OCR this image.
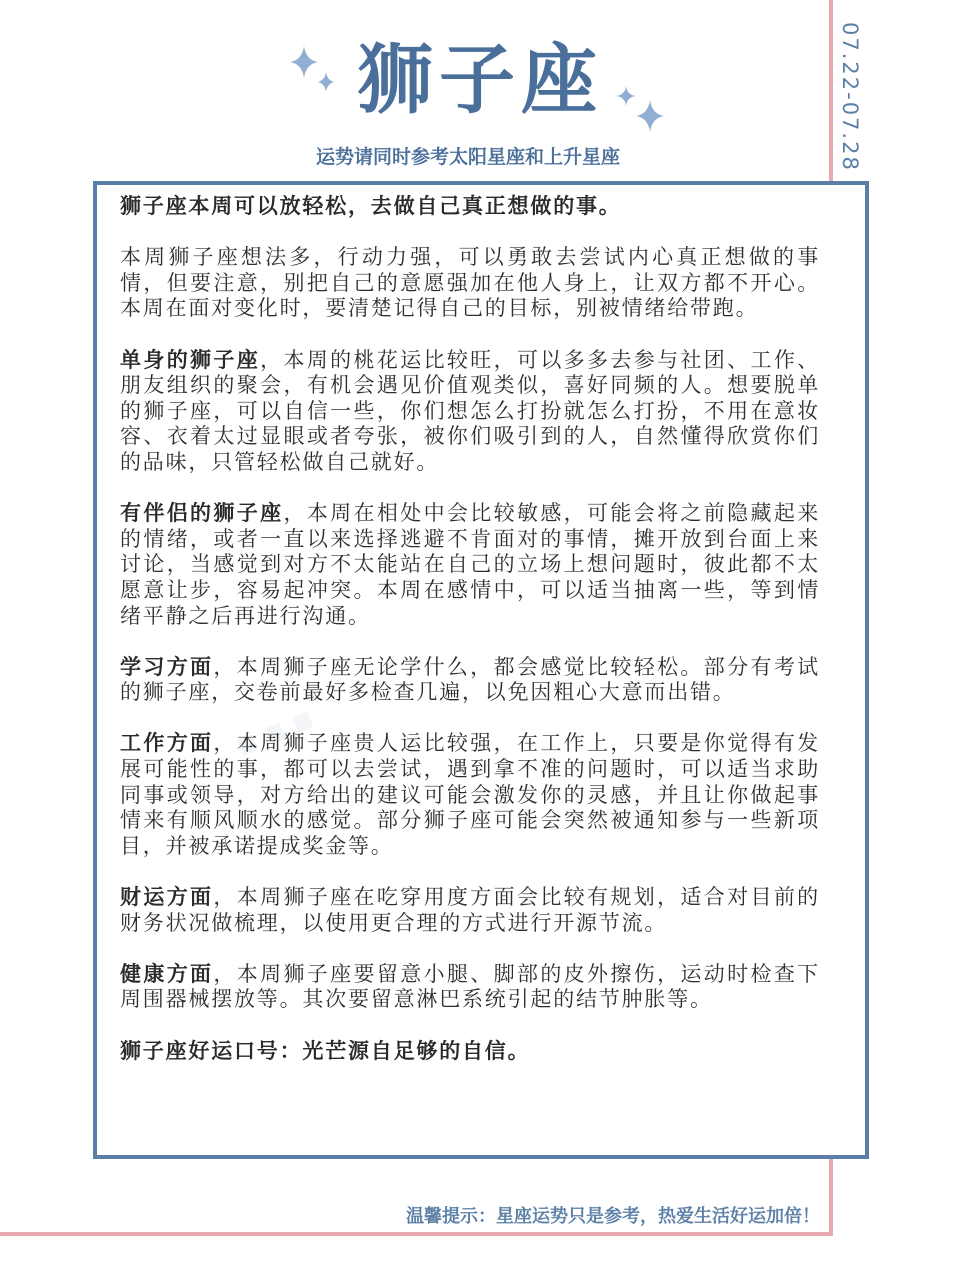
07.22-07.28
狮子座
运势请同时参考太阳星座和上升星座
⋯

狮子座本周可以放轻松，去做自己真正想做的事。

本周狮子座想法多，行动力强，可以勇敢去尝试内心真正想做的事情，但要注意，别把自己的意愿强加在他人身上，让双方都不开心。本周在面对变化时，要清楚记得自己的目标，别被情绪给带跑。

单身的狮子座，本周的桃花运比较旺，可以多多去参与社团、工作、朋友组织的聚会，有机会遇见价值观类似，喜好同频的人。想要脱单的狮子座，可以自信一些，你们想怎么打扮就怎么打扮，不用在意妆容、衣着太过显眼或者夸张，被你们吸引到的人，自然懂得欣赏你们的品味，只管轻松做自己就好。

有伴侣的狮子座，本周在相处中会比较敏感，可能会将之前隐藏起来的情绪，或者一直以来选择逃避不肯面对的事情，摊开放到台面上来讨论，当感觉到对方不太能站在自己的立场上想问题时，彼此都不太愿意让步，容易起冲突。本周在感情中，可以适当抽离一些，等到情绪平静之后再进行沟通。

学习方面，本周狮子座无论学什么，都会感觉比较轻松。部分有考试的狮子座，交卷前最好多检查几遍，以免因粗心大意而出错。

工作方面，本周狮子座贵人运比较强，在工作上，只要是你觉得有发展可能性的事，都可以去尝试，遇到拿不准的问题时，可以适当求助同事或领导，对方给出的建议可能会激发你的灵感，并且让你做起事情来有顺风顺水的感觉。部分狮子座可能会突然被通知参与一些新项目，并被承诺提成奖金等。

财运方面，本周狮子座在吃穿用度方面会比较有规划，适合对目前的财务状况做梳理，以使用更合理的方式进行开源节流。

健康方面，本周狮子座要留意小腿、脚部的皮外擦伤，运动时检查下周围器械摆放等。其次要留意淋巴系统引起的结节肿胀等。

狮子座好运口号：光芒源自足够的自信。

温馨提示：星座运势只是参考，热爱生活好运加倍！
